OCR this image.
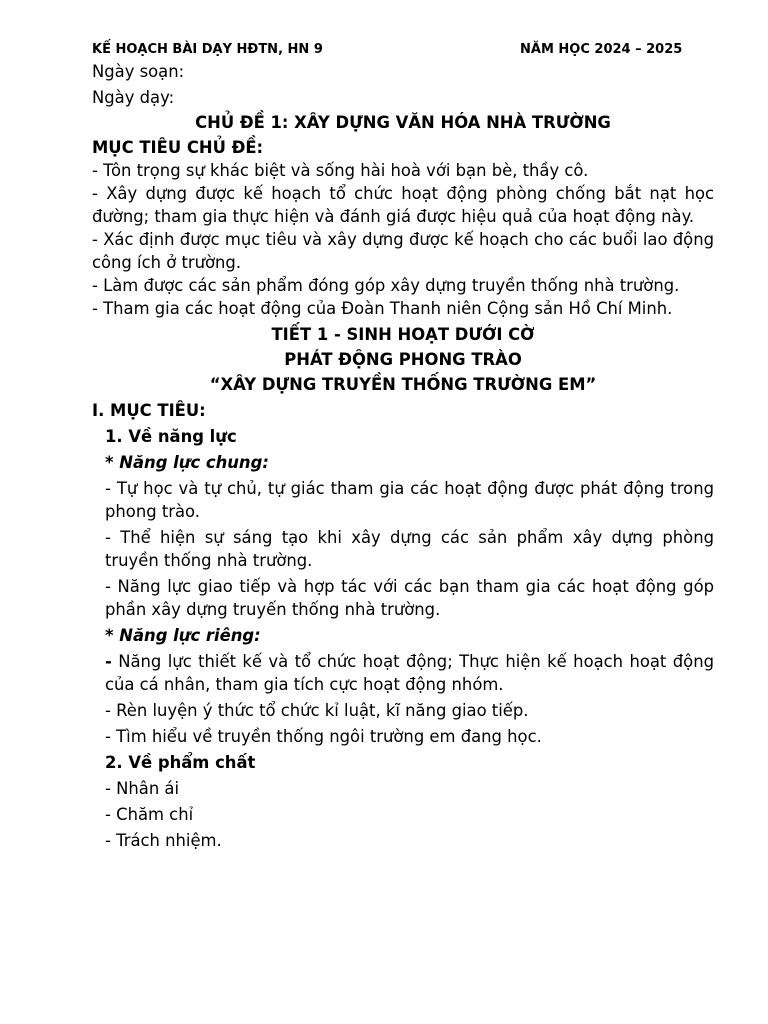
KẾ HOẠCH BÀI DẠY HĐTN, HN 9	NĂM HỌC 2024 – 2025

Ngày soạn:

Ngày dạy:

CHỦ ĐỀ 1: XÂY DỰNG VĂN HÓA NHÀ TRƯỜNG

MỤC TIÊU CHỦ ĐỀ:

- Tôn trọng sự khác biệt và sống hài hoà với bạn bè, thầy cô.

- Xây dựng được kế hoạch tổ chức hoạt động phòng chống bắt nạt học đường; tham gia thực hiện và đánh giá được hiệu quả của hoạt động này.

- Xác định được mục tiêu và xây dựng được kế hoạch cho các buổi lao động công ích ở trường.

- Làm được các sản phẩm đóng góp xây dựng truyền thống nhà trường.

- Tham gia các hoạt động của Đoàn Thanh niên Cộng sản Hồ Chí Minh.

TIẾT 1 - SINH HOẠT DƯỚI CỜ

PHÁT ĐỘNG PHONG TRÀO

“XÂY DỰNG TRUYỀN THỐNG TRƯỜNG EM”

I. MỤC TIÊU:

1. Về năng lực

* Năng lực chung:

- Tự học và tự chủ, tự giác tham gia các hoạt động được phát động trong phong trào.

- Thể hiện sự sáng tạo khi xây dựng các sản phẩm xây dựng phòng truyền thống nhà trường.

- Năng lực giao tiếp và hợp tác với các bạn tham gia các hoạt động góp phần xây dựng truyến thống nhà trường.

* Năng lực riêng:

- Năng lực thiết kế và tổ chức hoạt động; Thực hiện kế hoạch hoạt động của cá nhân, tham gia tích cực hoạt động nhóm.

- Rèn luyện ý thức tổ chức kỉ luật, kĩ năng giao tiếp.

- Tìm hiểu về truyền thống ngôi trường em đang học.

2. Về phẩm chất

- Nhân ái

- Chăm chỉ

- Trách nhiệm.
